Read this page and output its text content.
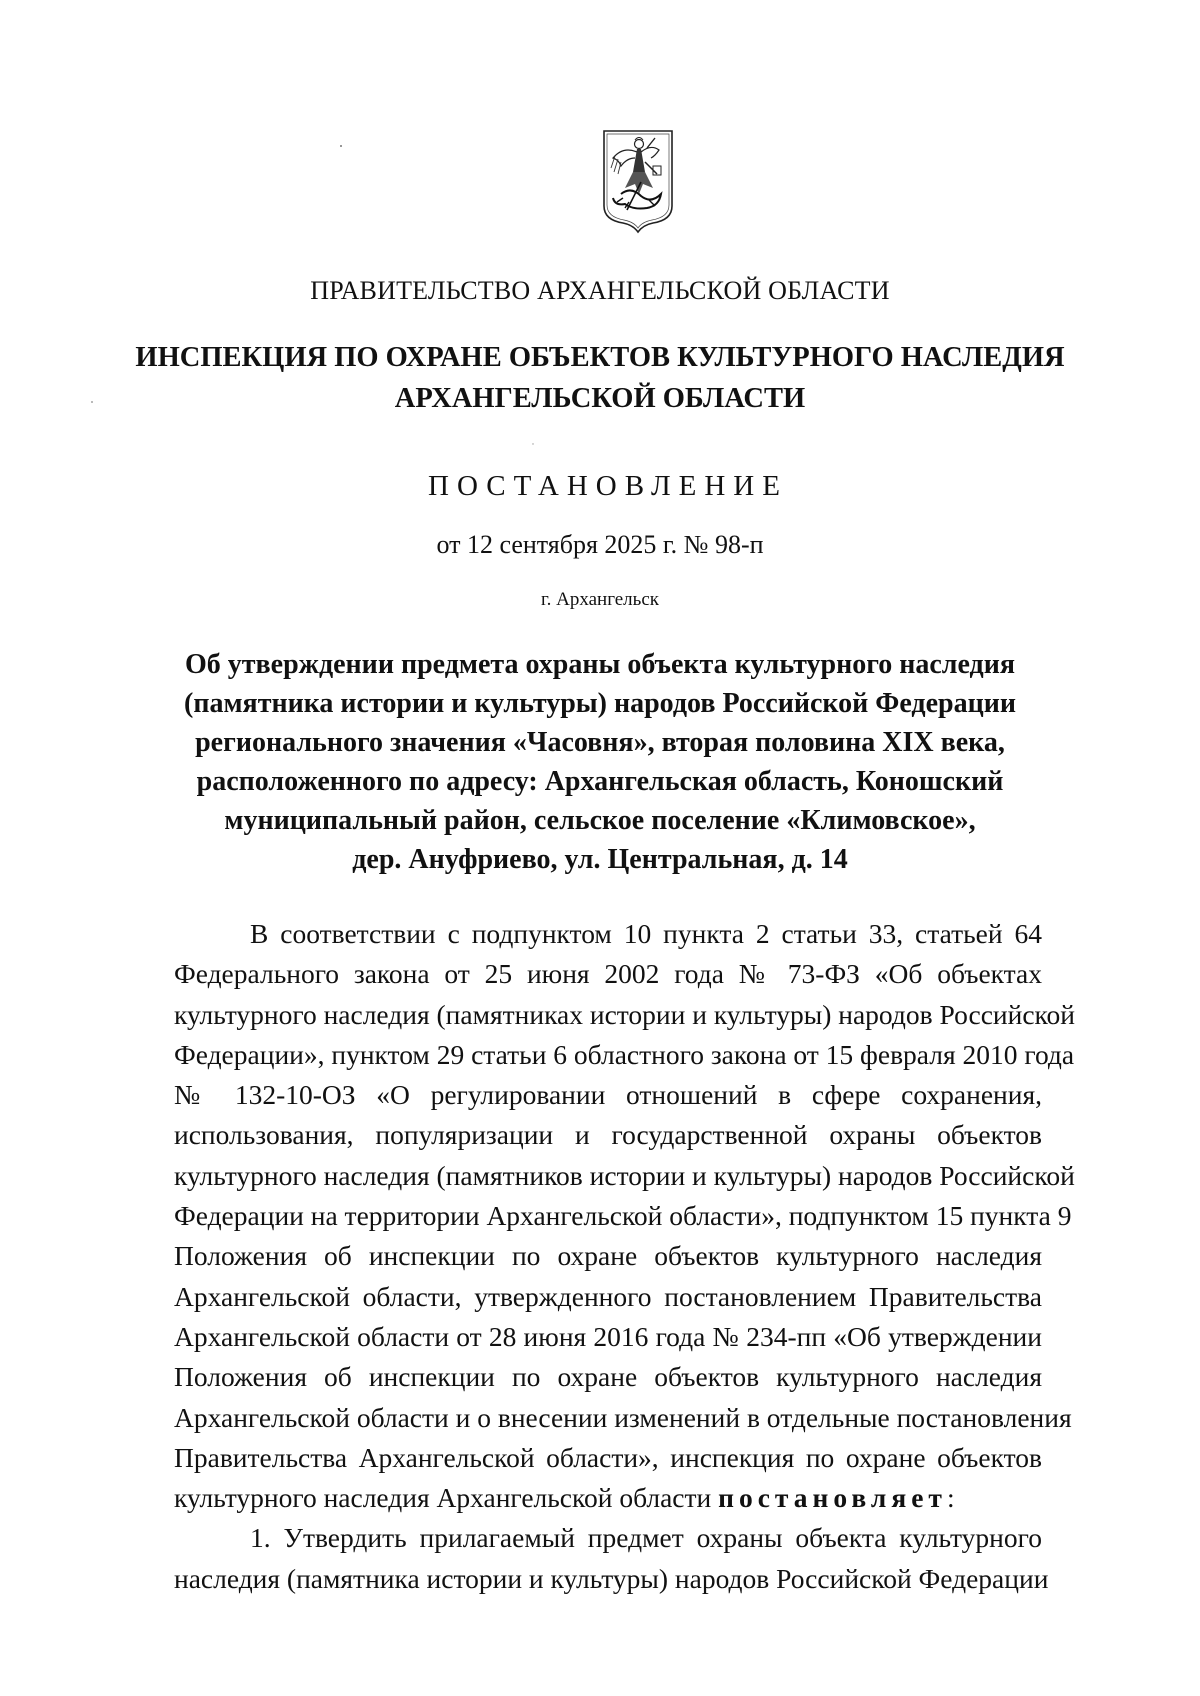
ПРАВИТЕЛЬСТВО АРХАНГЕЛЬСКОЙ ОБЛАСТИ
ИНСПЕКЦИЯ ПО ОХРАНЕ ОБЪЕКТОВ КУЛЬТУРНОГО НАСЛЕДИЯ
АРХАНГЕЛЬСКОЙ ОБЛАСТИ
ПОСТАНОВЛЕНИЕ
от 12 сентября 2025 г. № 98-п
г. Архангельск
Об утверждении предмета охраны объекта культурного наследия
(памятника истории и культуры) народов Российской Федерации
регионального значения «Часовня», вторая половина XIX века,
расположенного по адресу: Архангельская область, Коношский
муниципальный район, сельское поселение «Климовское»,
дер. Ануфриево, ул. Центральная, д. 14
В соответствии с подпунктом 10 пункта 2 статьи 33, статьей 64
Федерального закона от 25 июня 2002 года № 73-ФЗ «Об объектах
культурного наследия (памятниках истории и культуры) народов Российской
Федерации», пунктом 29 статьи 6 областного закона от 15 февраля 2010 года
№ 132-10-ОЗ «О регулировании отношений в сфере сохранения,
использования, популяризации и государственной охраны объектов
культурного наследия (памятников истории и культуры) народов Российской
Федерации на территории Архангельской области», подпунктом 15 пункта 9
Положения об инспекции по охране объектов культурного наследия
Архангельской области, утвержденного постановлением Правительства
Архангельской области от 28 июня 2016 года № 234-пп «Об утверждении
Положения об инспекции по охране объектов культурного наследия
Архангельской области и о внесении изменений в отдельные постановления
Правительства Архангельской области», инспекция по охране объектов
культурного наследия Архангельской области постановляет:
1. Утвердить прилагаемый предмет охраны объекта культурного
наследия (памятника истории и культуры) народов Российской Федерации
